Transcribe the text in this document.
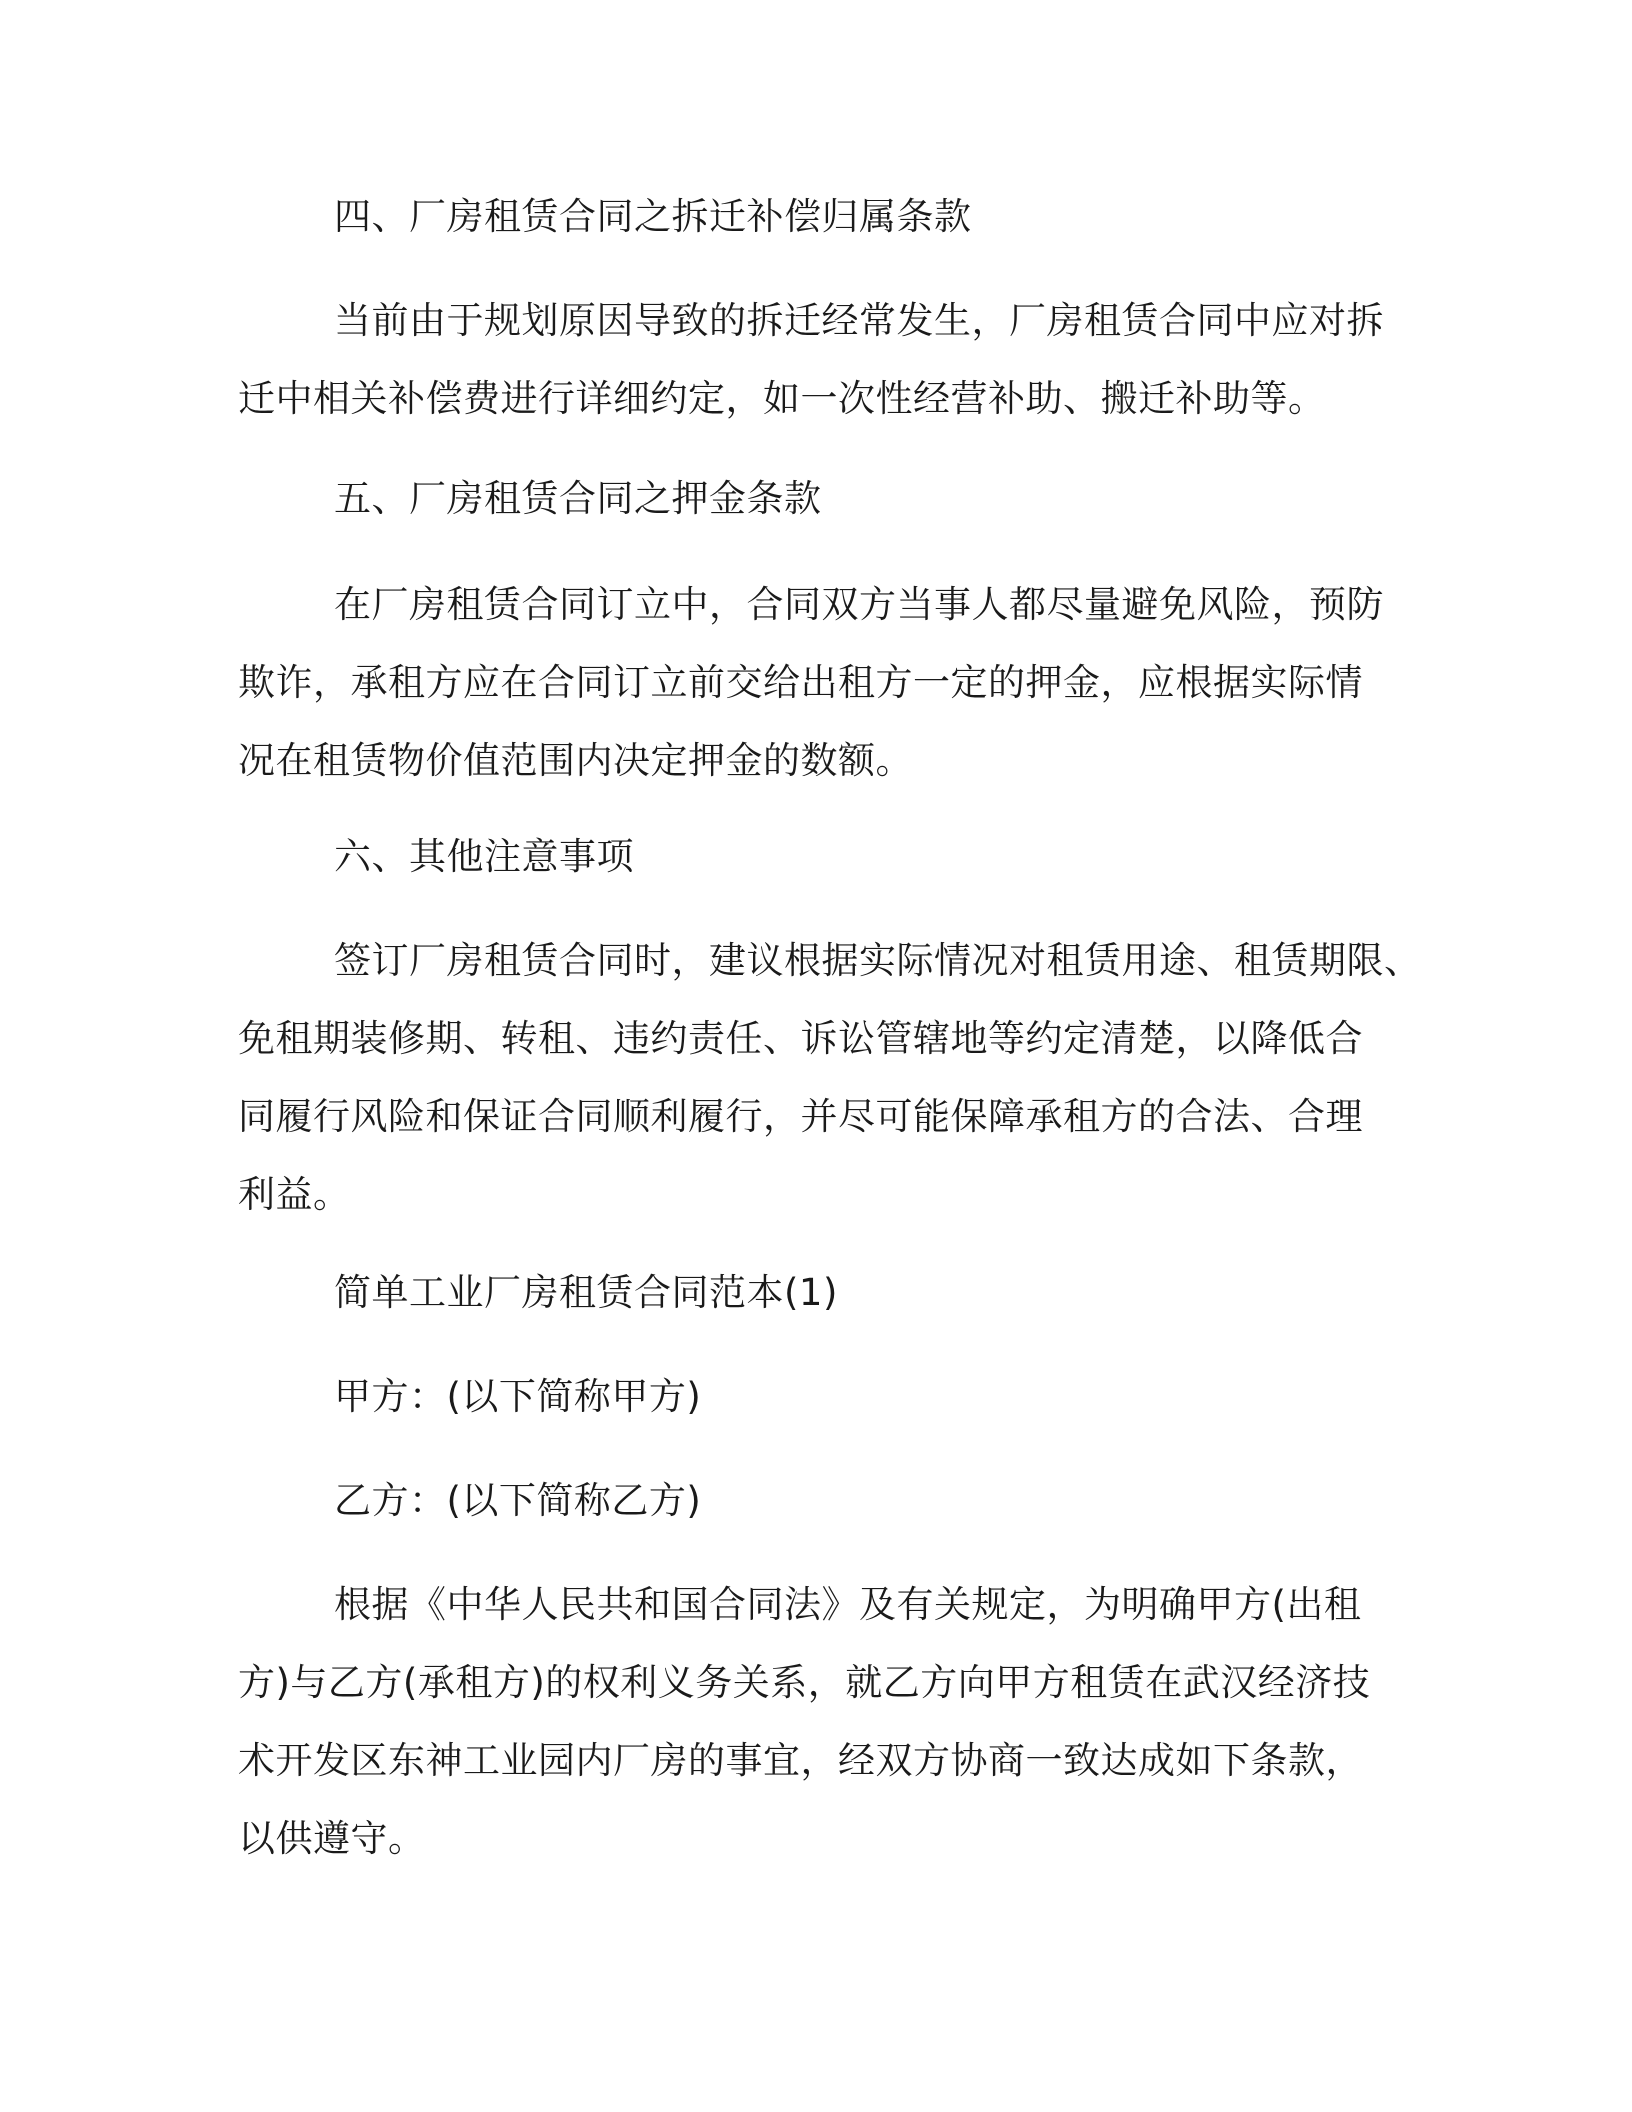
四、厂房租赁合同之拆迁补偿归属条款
当前由于规划原因导致的拆迁经常发生，厂房租赁合同中应对拆
迁中相关补偿费进行详细约定，如一次性经营补助、搬迁补助等。
五、厂房租赁合同之押金条款
在厂房租赁合同订立中，合同双方当事人都尽量避免风险，预防
欺诈，承租方应在合同订立前交给出租方一定的押金，应根据实际情
况在租赁物价值范围内决定押金的数额。
六、其他注意事项
签订厂房租赁合同时，建议根据实际情况对租赁用途、租赁期限、
免租期装修期、转租、违约责任、诉讼管辖地等约定清楚，以降低合
同履行风险和保证合同顺利履行，并尽可能保障承租方的合法、合理
利益。
简单工业厂房租赁合同范本(1)
甲方：(以下简称甲方)
乙方：(以下简称乙方)
根据《中华人民共和国合同法》及有关规定，为明确甲方(出租
方)与乙方(承租方)的权利义务关系，就乙方向甲方租赁在武汉经济技
术开发区东神工业园内厂房的事宜，经双方协商一致达成如下条款，
以供遵守。
